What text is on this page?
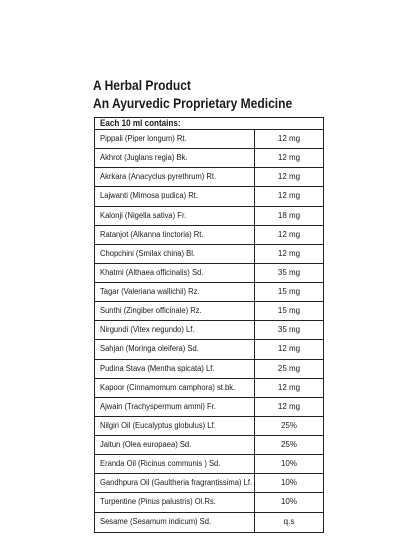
A Herbal Product
An Ayurvedic Proprietary Medicine
Each 10 ml contains:
Pippali (Piper longum) Rt.	12 mg
Akhrot (Juglans regia) Bk.	12 mg
Akrkara (Anacyclus pyrethrum) Rt.	12 mg
Lajwanti (Mimosa pudica) Rt.	12 mg
Kalonji (Nigella sativa) Fr.	18 mg
Ratanjot (Alkanna tinctoria) Rt.	12 mg
Chopchini (Smilax china) Bl.	12 mg
Khatmi (Althaea officinalis) Sd.	35 mg
Tagar (Valeriana wallichii) Rz.	15 mg
Sunthi (Zingiber officinale) Rz.	15 mg
Nirgundi (Vitex negundo) Lf.	35 mg
Sahjan (Moringa oleifera) Sd.	12 mg
Pudina Stava (Mentha spicata) Lf.	25 mg
Kapoor (Cinnamomum camphora) st.bk.	12 mg
Ajwain (Trachyspermum ammi) Fr.	12 mg
Nilgiri Oil (Eucalyptus globulus) Lf.	25%
Jaitun (Olea europaea) Sd.	25%
Eranda Oil (Ricinus communis ) Sd.	10%
Gandhpura Oil (Gaultheria fragrantissima) Lf.	10%
Turpentine (Pinus palustris) Ol.Rs.	10%
Sesame (Sesamum indicum) Sd.	q.s
